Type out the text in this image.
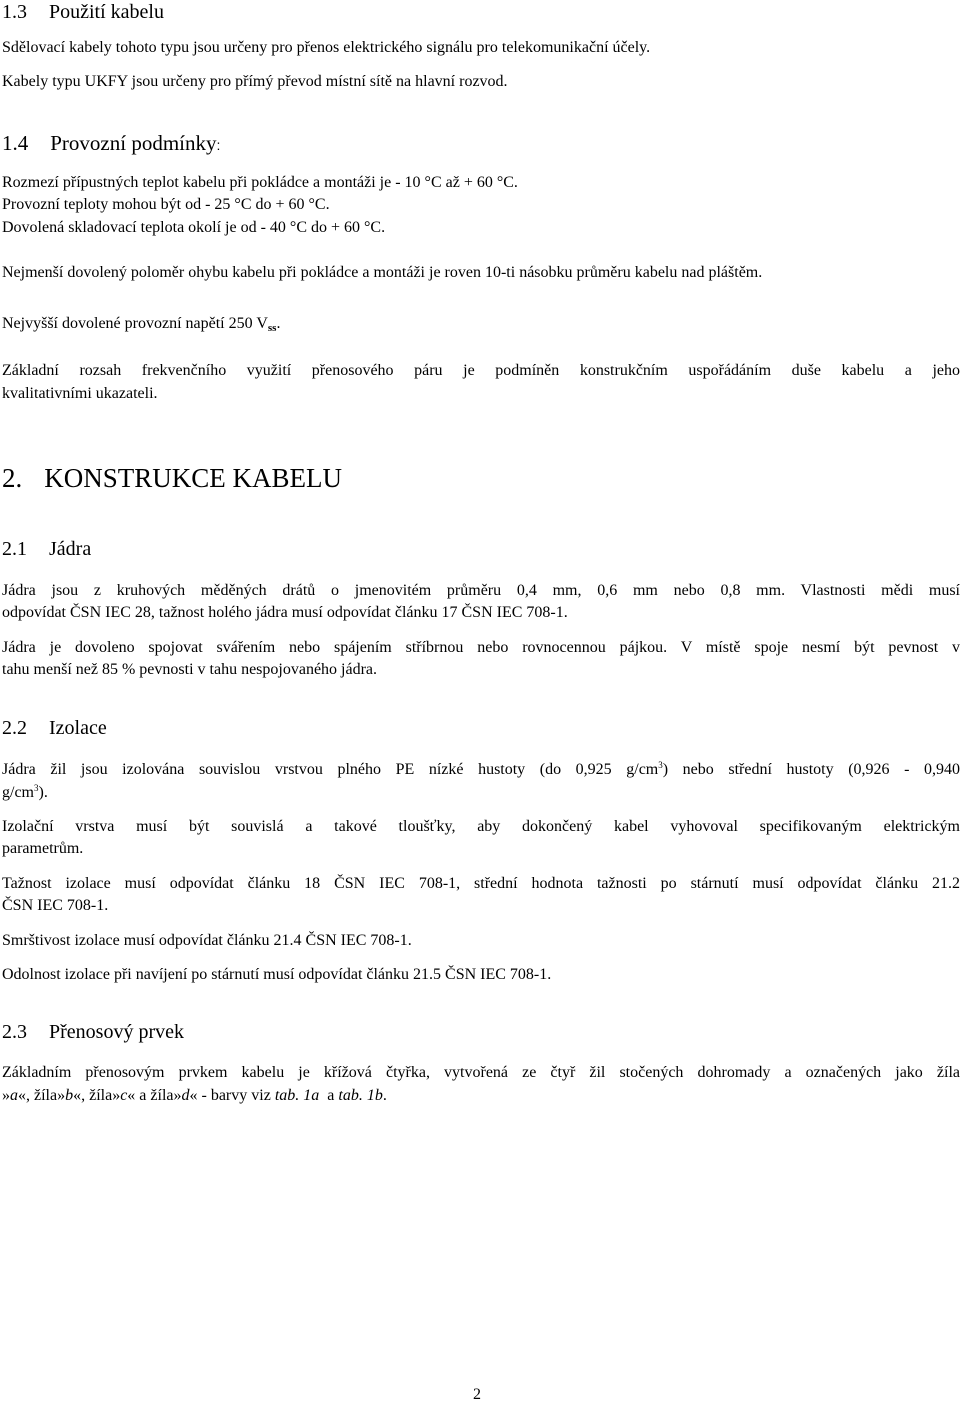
1.3 Použití kabelu
Sdělovací kabely tohoto typu jsou určeny pro přenos elektrického signálu pro telekomunikační účely.
Kabely typu UKFY jsou určeny pro přímý převod místní sítě na hlavní rozvod.
1.4 Provozní podmínky:
Rozmezí přípustných teplot kabelu při pokládce a montáži je - 10 °C až + 60 °C.
Provozní teploty mohou být od - 25 °C do + 60 °C.
Dovolená skladovací teplota okolí je od - 40 °C do + 60 °C.
Nejmenší dovolený poloměr ohybu kabelu při pokládce a montáži je roven 10-ti násobku průměru kabelu nad pláštěm.
Nejvyšší dovolené provozní napětí 250 $V_{ss}$.
Základní rozsah frekvenčního využití přenosového páru je podmíněn konstrukčním uspořádáním duše kabelu a jeho
kvalitativními ukazateli.
2. KONSTRUKCE KABELU
2.1 Jádra
Jádra jsou z kruhových měděných drátů o jmenovitém průměru 0,4 mm, 0,6 mm nebo 0,8 mm. Vlastnosti mědi musí
odpovídat ČSN IEC 28, tažnost holého jádra musí odpovídat článku 17 ČSN IEC 708-1.
Jádra je dovoleno spojovat svářením nebo spájením stříbrnou nebo rovnocennou pájkou. V místě spoje nesmí být pevnost v
tahu menší než 85 % pevnosti v tahu nespojovaného jádra.
2.2 Izolace
Jádra žil jsou izolována souvislou vrstvou plného PE nízké hustoty (do 0,925 $g/cm^3$) nebo střední hustoty (0,926 - 0,940
$g/cm^3$).
Izolační vrstva musí být souvislá a takové tloušťky, aby dokončený kabel vyhovoval specifikovaným elektrickým
parametrům.
Tažnost izolace musí odpovídat článku 18 ČSN IEC 708-1, střední hodnota tažnosti po stárnutí musí odpovídat článku 21.2
ČSN IEC 708-1.
Smrštivost izolace musí odpovídat článku 21.4 ČSN IEC 708-1.
Odolnost izolace při navíjení po stárnutí musí odpovídat článku 21.5 ČSN IEC 708-1.
2.3 Přenosový prvek
Základním přenosovým prvkem kabelu je křížová čtyřka, vytvořená ze čtyř žil stočených dohromady a označených jako žíla
»a«, žíla»b«, žíla»c« a žíla»d« - barvy viz tab. 1a  a tab. 1b.
2
